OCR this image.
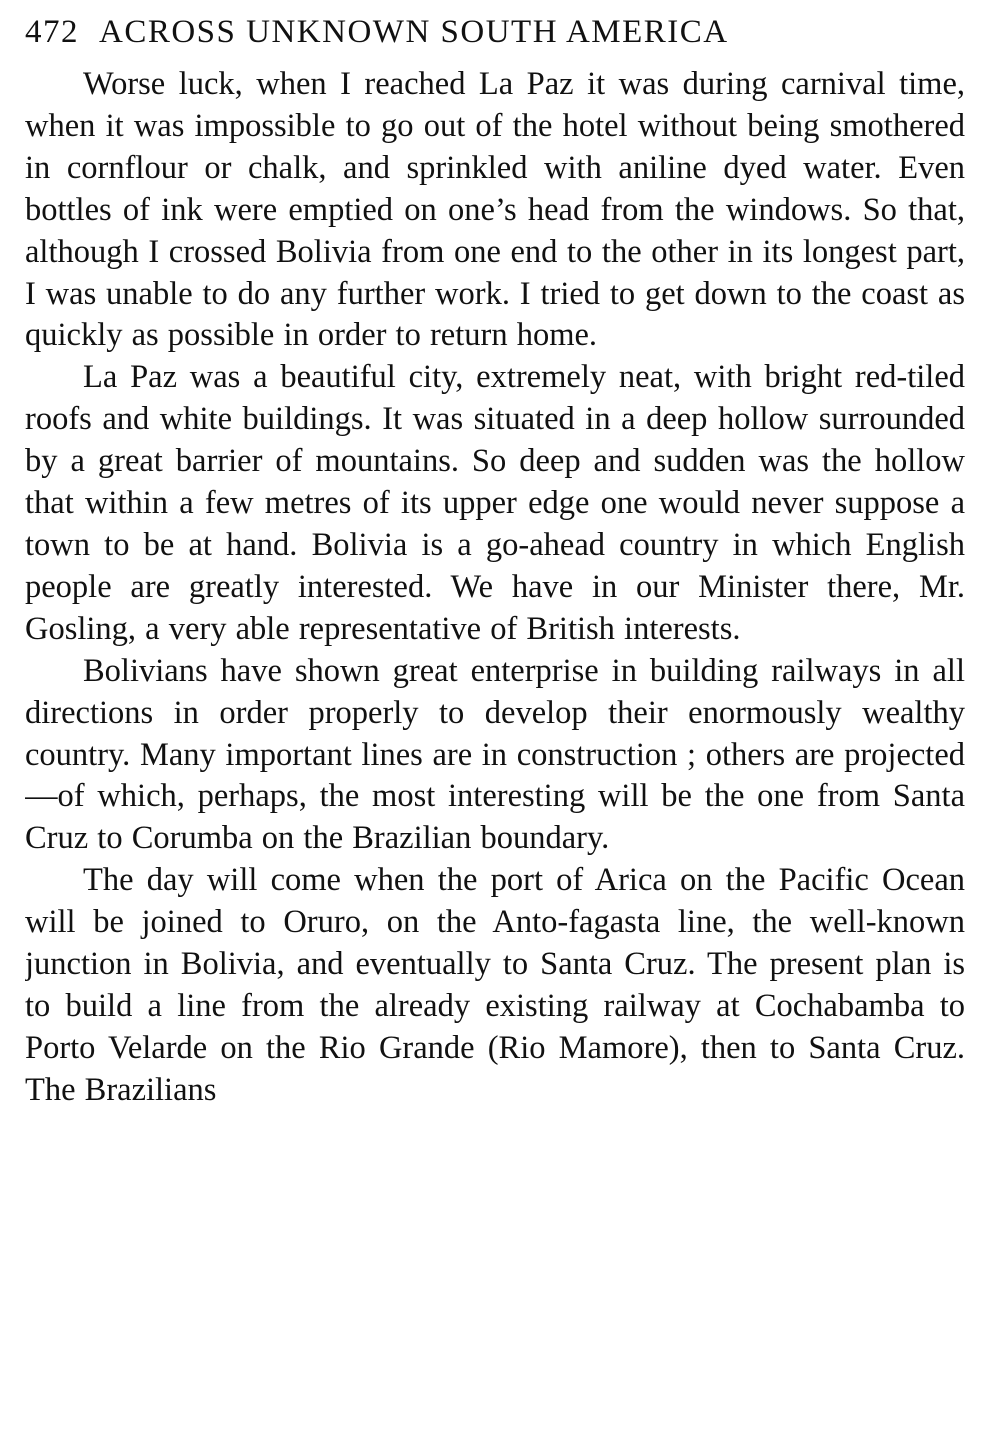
472 ACROSS UNKNOWN SOUTH AMERICA

Worse luck, when I reached La Paz it was during carnival time, when it was impossible to go out of the hotel without being smothered in cornflour or chalk, and sprinkled with aniline dyed water. Even bottles of ink were emptied on one’s head from the windows. So that, although I crossed Bolivia from one end to the other in its longest part, I was unable to do any further work. I tried to get down to the coast as quickly as possible in order to return home.

La Paz was a beautiful city, extremely neat, with bright red-tiled roofs and white buildings. It was situated in a deep hollow surrounded by a great barrier of mountains. So deep and sudden was the hollow that within a few metres of its upper edge one would never suppose a town to be at hand. Bolivia is a go-ahead country in which English people are greatly interested. We have in our Minister there, Mr. Gosling, a very able representative of British interests.

Bolivians have shown great enterprise in building railways in all directions in order properly to develop their enormously wealthy country. Many important lines are in construction ; others are projected—of which, perhaps, the most interesting will be the one from Santa Cruz to Corumba on the Brazilian boundary.

The day will come when the port of Arica on the Pacific Ocean will be joined to Oruro, on the Anto-fagasta line, the well-known junction in Bolivia, and eventually to Santa Cruz. The present plan is to build a line from the already existing railway at Cochabamba to Porto Velarde on the Rio Grande (Rio Mamore), then to Santa Cruz. The Brazilians
